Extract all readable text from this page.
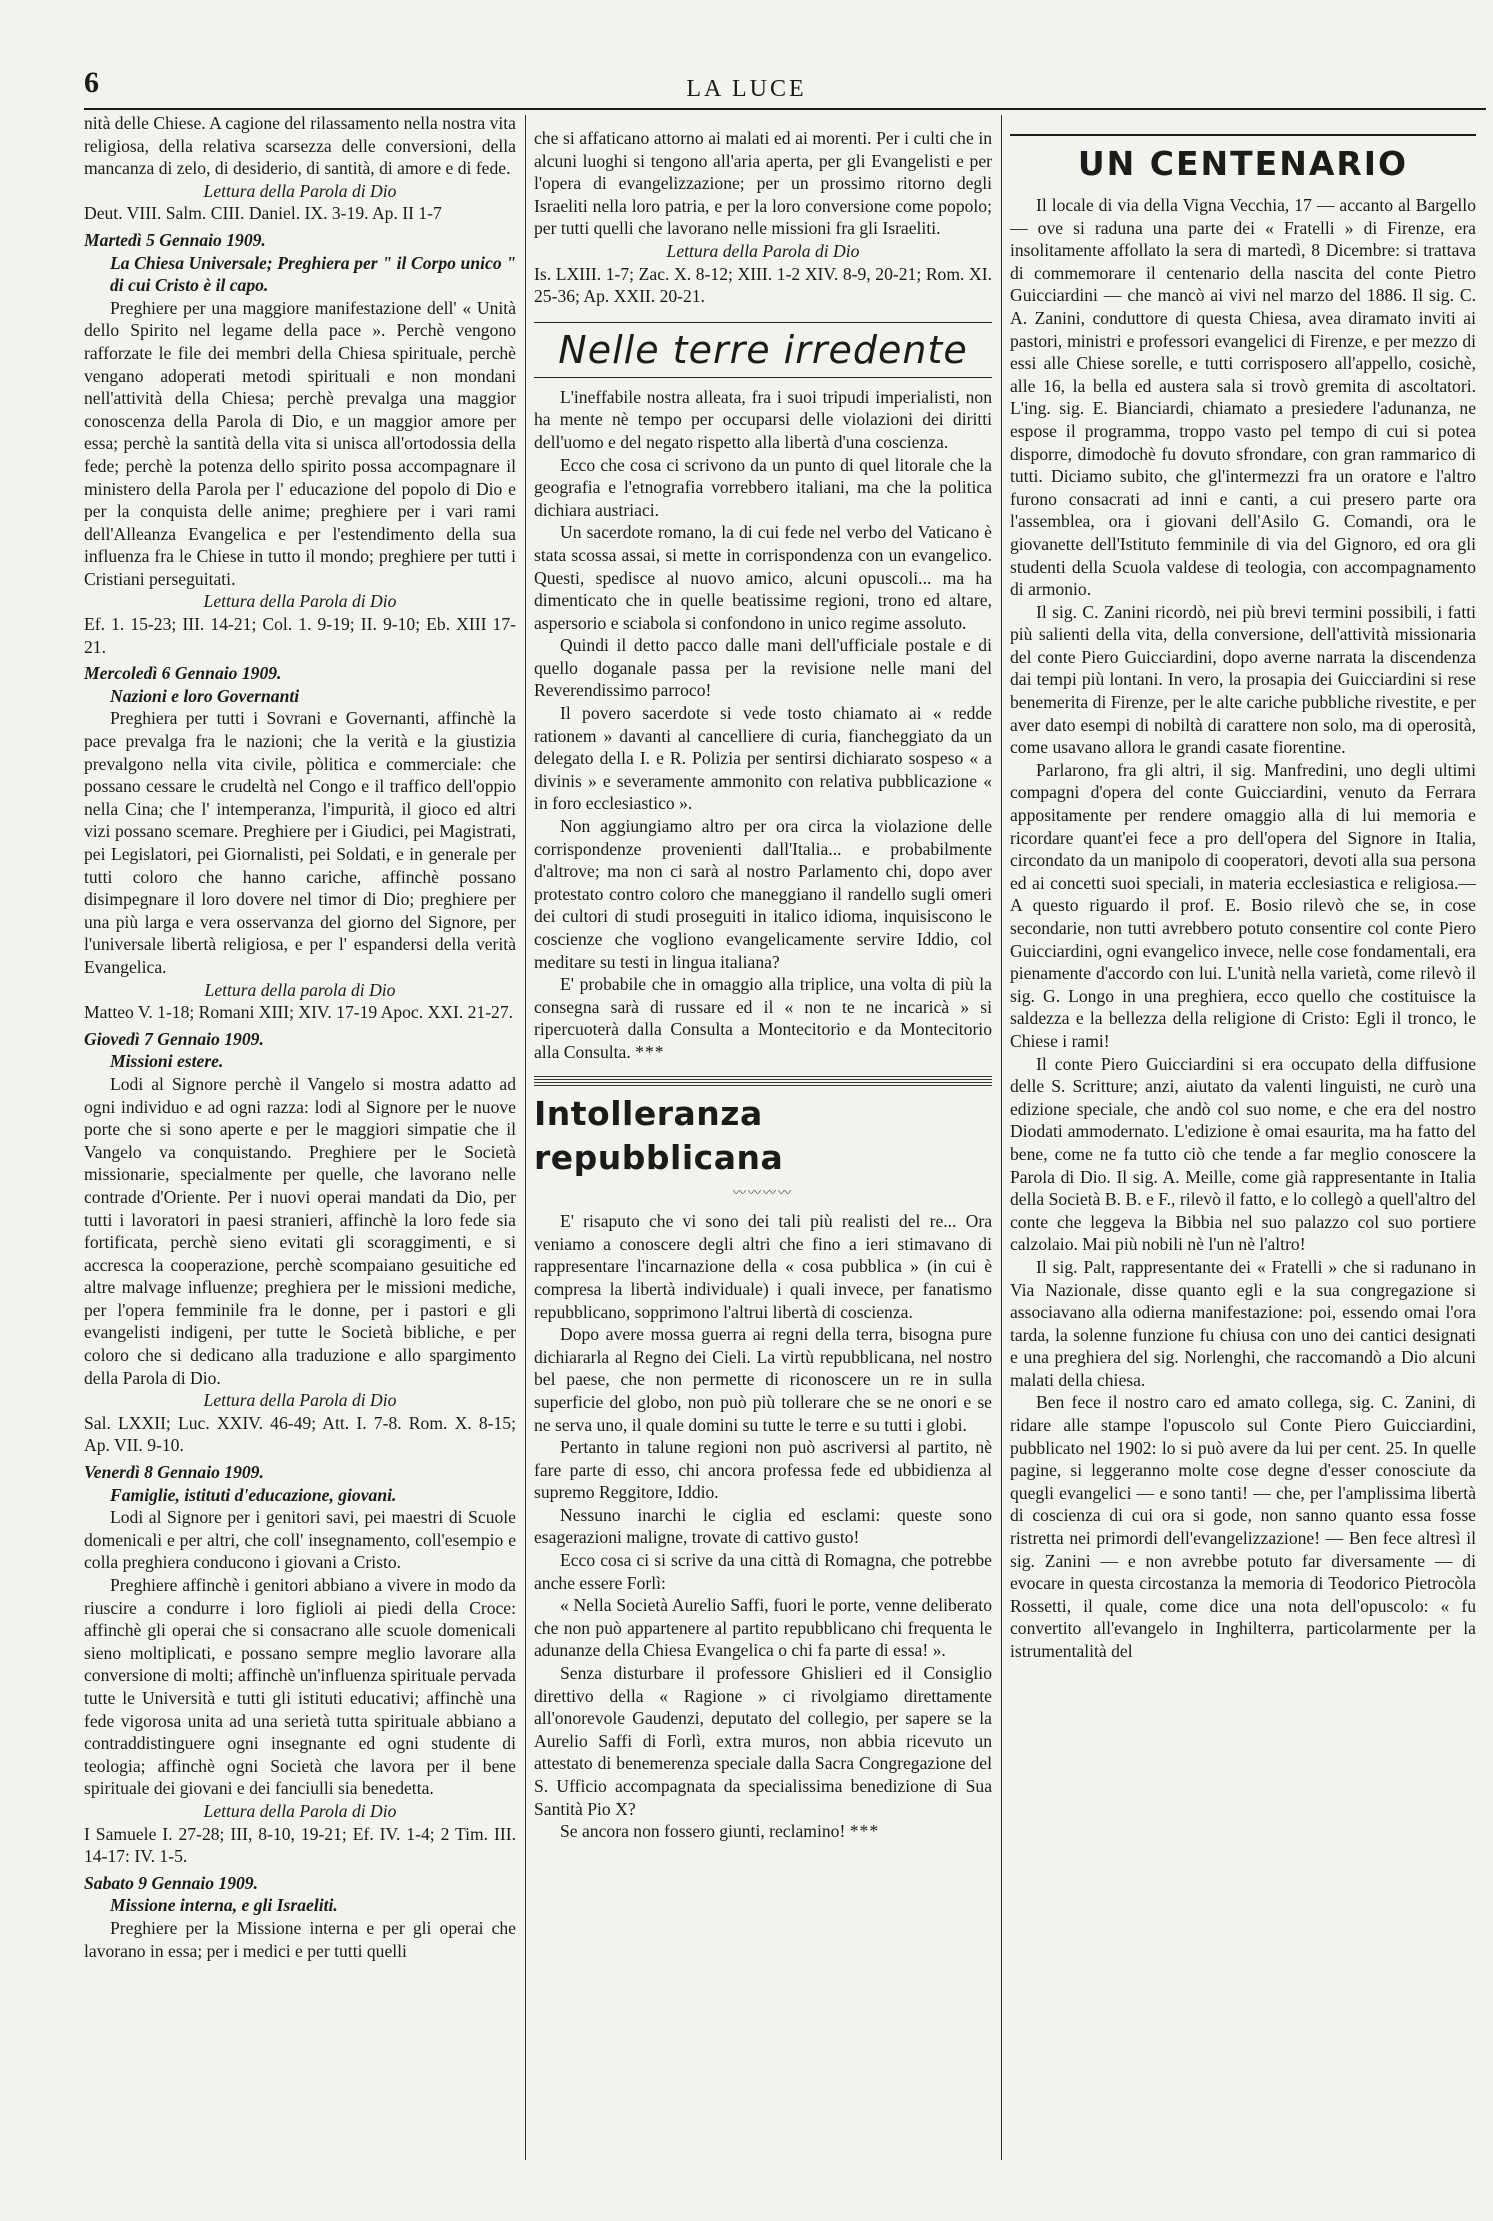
6	LA LUCE

nità delle Chiese. A cagione del rilassamento nella nostra vita religiosa, della relativa scarsezza delle conversioni, della mancanza di zelo, di desiderio, di santità, di amore e di fede.

Lettura della Parola di Dio

Deut. VIII. Salm. CIII. Daniel. IX. 3-19. Ap. II 1-7

Martedì 5 Gennaio 1909.

La Chiesa Universale; Preghiera per " il Corpo unico " di cui Cristo è il capo.

Preghiere per una maggiore manifestazione dell' « Unità dello Spirito nel legame della pace ». Perchè vengono rafforzate le file dei membri della Chiesa spirituale, perchè vengano adoperati metodi spirituali e non mondani nell'attività della Chiesa; perchè prevalga una maggior conoscenza della Parola di Dio, e un maggior amore per essa; perchè la santità della vita si unisca all'ortodossia della fede; perchè la potenza dello spirito possa accompagnare il ministero della Parola per l' educazione del popolo di Dio e per la conquista delle anime; preghiere per i vari rami dell'Alleanza Evangelica e per l'estendimento della sua influenza fra le Chiese in tutto il mondo; preghiere per tutti i Cristiani perseguitati.

Lettura della Parola di Dio

Ef. 1. 15-23; III. 14-21; Col. 1. 9-19; II. 9-10; Eb. XIII 17-21.

Mercoledì 6 Gennaio 1909.

Nazioni e loro Governanti

Preghiera per tutti i Sovrani e Governanti, affinchè la pace prevalga fra le nazioni; che la verità e la giustizia prevalgono nella vita civile, pòlitica e commerciale: che possano cessare le crudeltà nel Congo e il traffico dell'oppio nella Cina; che l' intemperanza, l'impurità, il gioco ed altri vizi possano scemare. Preghiere per i Giudici, pei Magistrati, pei Legislatori, pei Giornalisti, pei Soldati, e in generale per tutti coloro che hanno cariche, affinchè possano disimpegnare il loro dovere nel timor di Dio; preghiere per una più larga e vera osservanza del giorno del Signore, per l'universale libertà religiosa, e per l' espandersi della verità Evangelica.

Lettura della parola di Dio

Matteo V. 1-18; Romani XIII; XIV. 17-19 Apoc. XXI. 21-27.

Giovedì 7 Gennaio 1909.

Missioni estere.

Lodi al Signore perchè il Vangelo si mostra adatto ad ogni individuo e ad ogni razza: lodi al Signore per le nuove porte che si sono aperte e per le maggiori simpatie che il Vangelo va conquistando. Preghiere per le Società missionarie, specialmente per quelle, che lavorano nelle contrade d'Oriente. Per i nuovi operai mandati da Dio, per tutti i lavoratori in paesi stranieri, affinchè la loro fede sia fortificata, perchè sieno evitati gli scoraggimenti, e si accresca la cooperazione, perchè scompaiano gesuitiche ed altre malvage influenze; preghiera per le missioni mediche, per l'opera femminile fra le donne, per i pastori e gli evangelisti indigeni, per tutte le Società bibliche, e per coloro che si dedicano alla traduzione e allo spargimento della Parola di Dio.

Lettura della Parola di Dio

Sal. LXXII; Luc. XXIV. 46-49; Att. I. 7-8. Rom. X. 8-15; Ap. VII. 9-10.

Venerdì 8 Gennaio 1909.

Famiglie, istituti d'educazione, giovani.

Lodi al Signore per i genitori savi, pei maestri di Scuole domenicali e per altri, che coll' insegnamento, coll'esempio e colla preghiera conducono i giovani a Cristo.

Preghiere affinchè i genitori abbiano a vivere in modo da riuscire a condurre i loro figlioli ai piedi della Croce: affinchè gli operai che si consacrano alle scuole domenicali sieno moltiplicati, e possano sempre meglio lavorare alla conversione di molti; affinchè un'influenza spirituale pervada tutte le Università e tutti gli istituti educativi; affinchè una fede vigorosa unita ad una serietà tutta spirituale abbiano a contraddistinguere ogni insegnante ed ogni studente di teologia; affinchè ogni Società che lavora per il bene spirituale dei giovani e dei fanciulli sia benedetta.

Lettura della Parola di Dio

I Samuele I. 27-28; III, 8-10, 19-21; Ef. IV. 1-4; 2 Tim. III. 14-17: IV. 1-5.

Sabato 9 Gennaio 1909.

Missione interna, e gli Israeliti.

Preghiere per la Missione interna e per gli operai che lavorano in essa; per i medici e per tutti quelli

che si affaticano attorno ai malati ed ai morenti. Per i culti che in alcuni luoghi si tengono all'aria aperta, per gli Evangelisti e per l'opera di evangelizzazione; per un prossimo ritorno degli Israeliti nella loro patria, e per la loro conversione come popolo; per tutti quelli che lavorano nelle missioni fra gli Israeliti.

Lettura della Parola di Dio

Is. LXIII. 1-7; Zac. X. 8-12; XIII. 1-2 XIV. 8-9, 20-21; Rom. XI. 25-36; Ap. XXII. 20-21.

Nelle terre irredente

L'ineffabile nostra alleata, fra i suoi tripudi imperialisti, non ha mente nè tempo per occuparsi delle violazioni dei diritti dell'uomo e del negato rispetto alla libertà d'una coscienza.

Ecco che cosa ci scrivono da un punto di quel litorale che la geografia e l'etnografia vorrebbero italiani, ma che la politica dichiara austriaci.

Un sacerdote romano, la di cui fede nel verbo del Vaticano è stata scossa assai, si mette in corrispondenza con un evangelico. Questi, spedisce al nuovo amico, alcuni opuscoli... ma ha dimenticato che in quelle beatissime regioni, trono ed altare, aspersorio e sciabola si confondono in unico regime assoluto.

Quindi il detto pacco dalle mani dell'ufficiale postale e di quello doganale passa per la revisione nelle mani del Reverendissimo parroco!

Il povero sacerdote si vede tosto chiamato ai « redde rationem » davanti al cancelliere di curia, fiancheggiato da un delegato della I. e R. Polizia per sentirsi dichiarato sospeso « a divinis » e severamente ammonito con relativa pubblicazione « in foro ecclesiastico ».

Non aggiungiamo altro per ora circa la violazione delle corrispondenze provenienti dall'Italia... e probabilmente d'altrove; ma non ci sarà al nostro Parlamento chi, dopo aver protestato contro coloro che maneggiano il randello sugli omeri dei cultori di studi proseguiti in italico idioma, inquisiscono le coscienze che vogliono evangelicamente servire Iddio, col meditare su testi in lingua italiana?

E' probabile che in omaggio alla triplice, una volta di più la consegna sarà di russare ed il « non te ne incaricà » si ripercuoterà dalla Consulta a Montecitorio e da Montecitorio alla Consulta. ***

Intolleranza repubblicana
〰〰〰〰

E' risaputo che vi sono dei tali più realisti del re... Ora veniamo a conoscere degli altri che fino a ieri stimavano di rappresentare l'incarnazione della « cosa pubblica » (in cui è compresa la libertà individuale) i quali invece, per fanatismo repubblicano, sopprimono l'altrui libertà di coscienza.

Dopo avere mossa guerra ai regni della terra, bisogna pure dichiararla al Regno dei Cieli. La virtù repubblicana, nel nostro bel paese, che non permette di riconoscere un re in sulla superficie del globo, non può più tollerare che se ne onori e se ne serva uno, il quale domini su tutte le terre e su tutti i globi.

Pertanto in talune regioni non può ascriversi al partito, nè fare parte di esso, chi ancora professa fede ed ubbidienza al supremo Reggitore, Iddio.

Nessuno inarchi le ciglia ed esclami: queste sono esagerazioni maligne, trovate di cattivo gusto!

Ecco cosa ci si scrive da una città di Romagna, che potrebbe anche essere Forlì:

« Nella Società Aurelio Saffi, fuori le porte, venne deliberato che non può appartenere al partito repubblicano chi frequenta le adunanze della Chiesa Evangelica o chi fa parte di essa! ».

Senza disturbare il professore Ghislieri ed il Consiglio direttivo della « Ragione » ci rivolgiamo direttamente all'onorevole Gaudenzi, deputato del collegio, per sapere se la Aurelio Saffi di Forlì, extra muros, non abbia ricevuto un attestato di benemerenza speciale dalla Sacra Congregazione del S. Ufficio accompagnata da specialissima benedizione di Sua Santità Pio X?

Se ancora non fossero giunti, reclamino! ***

UN CENTENARIO

Il locale di via della Vigna Vecchia, 17 — accanto al Bargello — ove si raduna una parte dei « Fratelli » di Firenze, era insolitamente affollato la sera di martedì, 8 Dicembre: si trattava di commemorare il centenario della nascita del conte Pietro Guicciardini — che mancò ai vivi nel marzo del 1886. Il sig. C. A. Zanini, conduttore di questa Chiesa, avea diramato inviti ai pastori, ministri e professori evangelici di Firenze, e per mezzo di essi alle Chiese sorelle, e tutti corrisposero all'appello, cosichè, alle 16, la bella ed austera sala si trovò gremita di ascoltatori. L'ing. sig. E. Bianciardi, chiamato a presiedere l'adunanza, ne espose il programma, troppo vasto pel tempo di cui si potea disporre, dimodochè fu dovuto sfrondare, con gran rammarico di tutti. Diciamo subito, che gl'intermezzi fra un oratore e l'altro furono consacrati ad inni e canti, a cui presero parte ora l'assemblea, ora i giovani dell'Asilo G. Comandi, ora le giovanette dell'Istituto femminile di via del Gignoro, ed ora gli studenti della Scuola valdese di teologia, con accompagnamento di armonio.

Il sig. C. Zanini ricordò, nei più brevi termini possibili, i fatti più salienti della vita, della conversione, dell'attività missionaria del conte Piero Guicciardini, dopo averne narrata la discendenza dai tempi più lontani. In vero, la prosapia dei Guicciardini si rese benemerita di Firenze, per le alte cariche pubbliche rivestite, e per aver dato esempi di nobiltà di carattere non solo, ma di operosità, come usavano allora le grandi casate fiorentine.

Parlarono, fra gli altri, il sig. Manfredini, uno degli ultimi compagni d'opera del conte Guicciardini, venuto da Ferrara appositamente per rendere omaggio alla di lui memoria e ricordare quant'ei fece a pro dell'opera del Signore in Italia, circondato da un manipolo di cooperatori, devoti alla sua persona ed ai concetti suoi speciali, in materia ecclesiastica e religiosa.— A questo riguardo il prof. E. Bosio rilevò che se, in cose secondarie, non tutti avrebbero potuto consentire col conte Piero Guicciardini, ogni evangelico invece, nelle cose fondamentali, era pienamente d'accordo con lui. L'unità nella varietà, come rilevò il sig. G. Longo in una preghiera, ecco quello che costituisce la saldezza e la bellezza della religione di Cristo: Egli il tronco, le Chiese i rami!

Il conte Piero Guicciardini si era occupato della diffusione delle S. Scritture; anzi, aiutato da valenti linguisti, ne curò una edizione speciale, che andò col suo nome, e che era del nostro Diodati ammodernato. L'edizione è omai esaurita, ma ha fatto del bene, come ne fa tutto ciò che tende a far meglio conoscere la Parola di Dio. Il sig. A. Meille, come già rappresentante in Italia della Società B. B. e F., rilevò il fatto, e lo collegò a quell'altro del conte che leggeva la Bibbia nel suo palazzo col suo portiere calzolaio. Mai più nobili nè l'un nè l'altro!

Il sig. Palt, rappresentante dei « Fratelli » che si radunano in Via Nazionale, disse quanto egli e la sua congregazione si associavano alla odierna manifestazione: poi, essendo omai l'ora tarda, la solenne funzione fu chiusa con uno dei cantici designati e una preghiera del sig. Norlenghi, che raccomandò a Dio alcuni malati della chiesa.

Ben fece il nostro caro ed amato collega, sig. C. Zanini, di ridare alle stampe l'opuscolo sul Conte Piero Guicciardini, pubblicato nel 1902: lo si può avere da lui per cent. 25. In quelle pagine, si leggeranno molte cose degne d'esser conosciute da quegli evangelici — e sono tanti! — che, per l'amplissima libertà di coscienza di cui ora si gode, non sanno quanto essa fosse ristretta nei primordi dell'evangelizzazione! — Ben fece altresì il sig. Zanini — e non avrebbe potuto far diversamente — di evocare in questa circostanza la memoria di Teodorico Pietrocòla Rossetti, il quale, come dice una nota dell'opuscolo: « fu convertito all'evangelo in Inghilterra, particolarmente per la istrumentalità del
